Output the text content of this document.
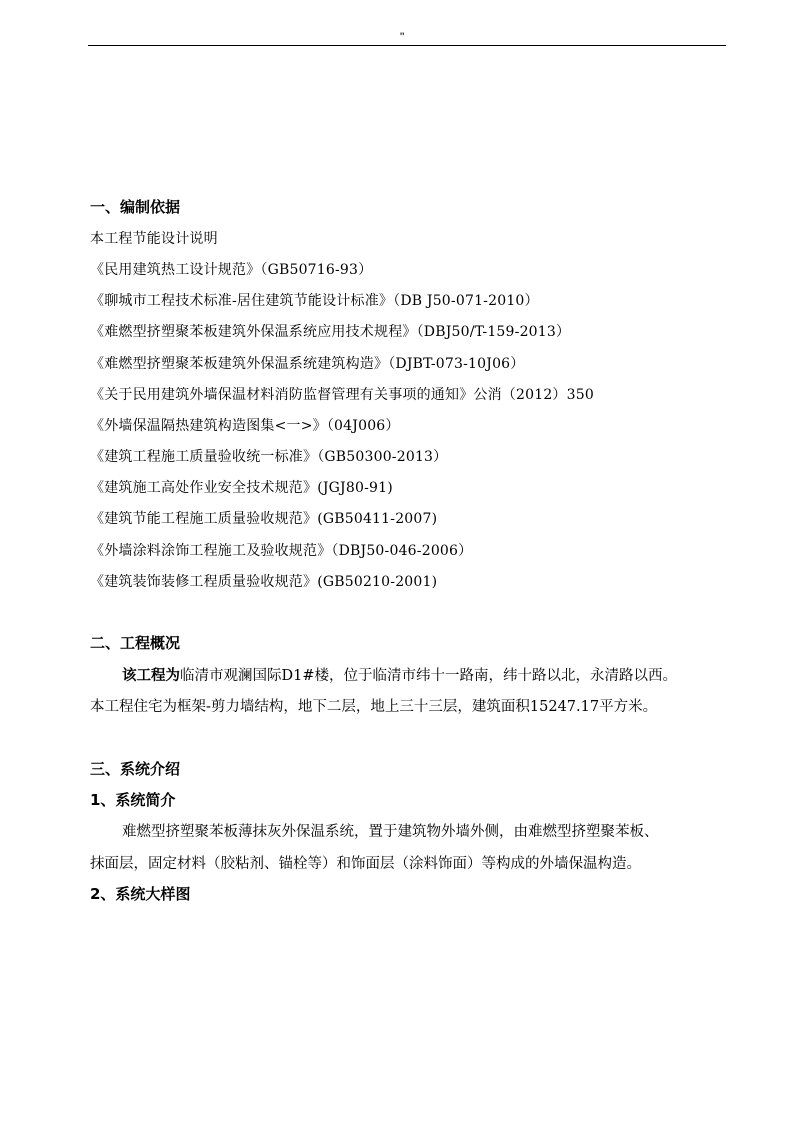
"
一、编制依据
本工程节能设计说明
《民用建筑热工设计规范》（GB50716-93）
《聊城市工程技术标准-居住建筑节能设计标准》（DB J50-071-2010）
《难燃型挤塑聚苯板建筑外保温系统应用技术规程》（DBJ50/T-159-2013）
《难燃型挤塑聚苯板建筑外保温系统建筑构造》（DJBT-073-10J06）
《关于民用建筑外墙保温材料消防监督管理有关事项的通知》公消（2012）350
《外墙保温隔热建筑构造图集<一>》（04J006）
《建筑工程施工质量验收统一标准》（GB50300-2013）
《建筑施工高处作业安全技术规范》(JGJ80-91)
《建筑节能工程施工质量验收规范》(GB50411-2007)
《外墙涂料涂饰工程施工及验收规范》（DBJ50-046-2006）
《建筑装饰装修工程质量验收规范》(GB50210-2001)
二、工程概况
该工程为临清市观澜国际D1#楼，位于临清市纬十一路南，纬十路以北，永清路以西。
本工程住宅为框架-剪力墙结构，地下二层，地上三十三层，建筑面积15247.17平方米。
三、系统介绍
1、系统简介
难燃型挤塑聚苯板薄抹灰外保温系统，置于建筑物外墙外侧，由难燃型挤塑聚苯板、
抹面层，固定材料（胶粘剂、锚栓等）和饰面层（涂料饰面）等构成的外墙保温构造。
2、系统大样图
